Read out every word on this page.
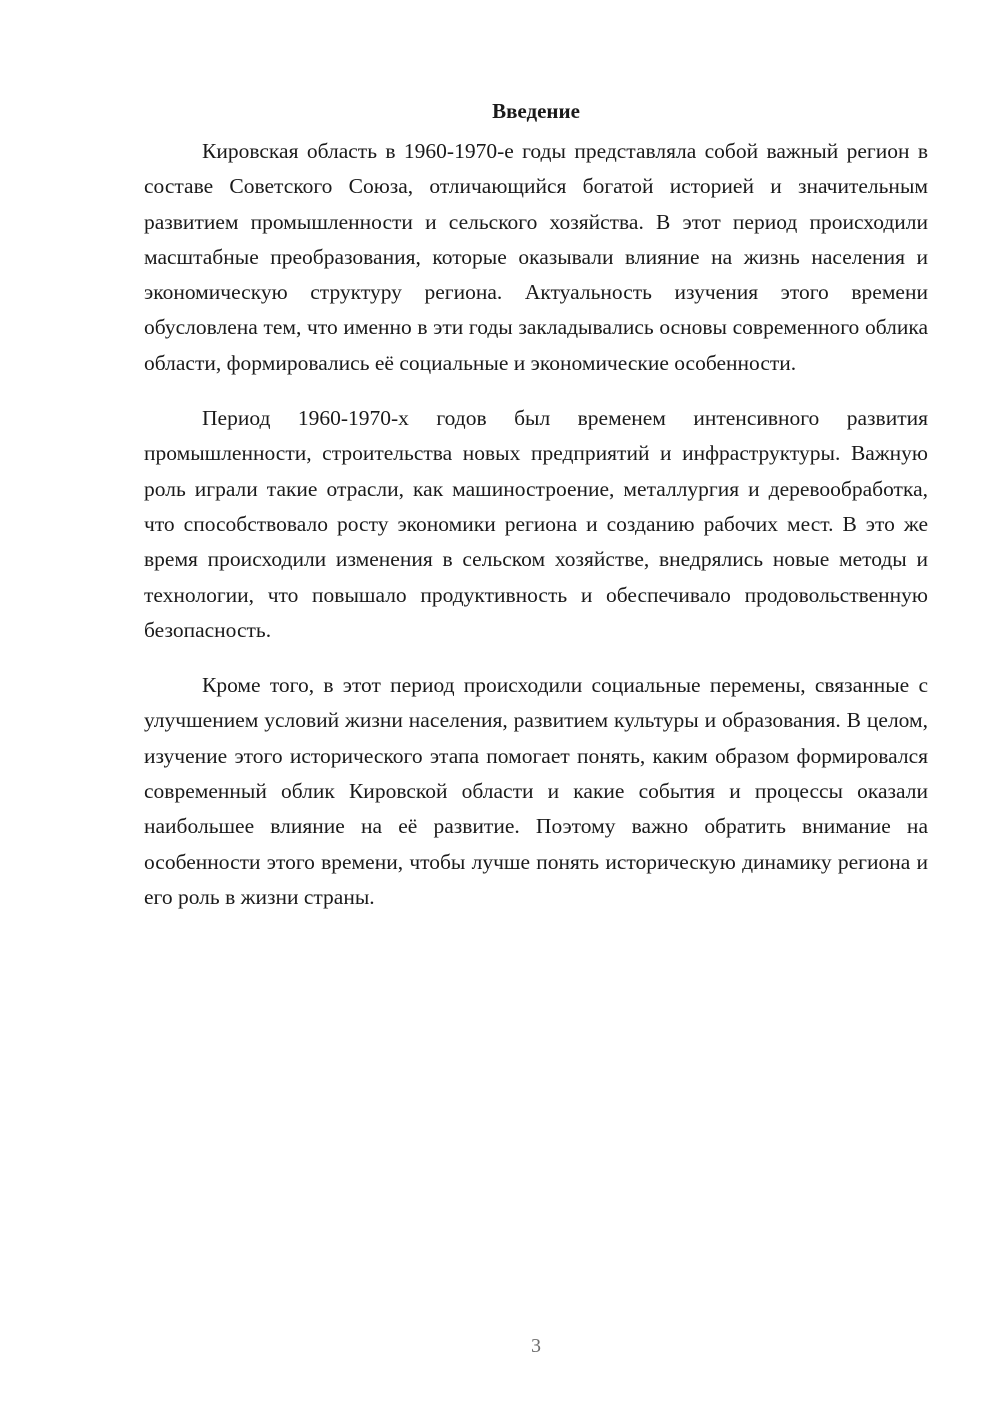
Введение

Кировская область в 1960-1970-е годы представляла собой важный регион в составе Советского Союза, отличающийся богатой историей и значительным развитием промышленности и сельского хозяйства. В этот период происходили масштабные преобразования, которые оказывали влияние на жизнь населения и экономическую структуру региона. Актуальность изучения этого времени обусловлена тем, что именно в эти годы закладывались основы современного облика области, формировались её социальные и экономические особенности.

Период 1960-1970-х годов был временем интенсивного развития промышленности, строительства новых предприятий и инфраструктуры. Важную роль играли такие отрасли, как машиностроение, металлургия и деревообработка, что способствовало росту экономики региона и созданию рабочих мест. В это же время происходили изменения в сельском хозяйстве, внедрялись новые методы и технологии, что повышало продуктивность и обеспечивало продовольственную безопасность.

Кроме того, в этот период происходили социальные перемены, связанные с улучшением условий жизни населения, развитием культуры и образования. В целом, изучение этого исторического этапа помогает понять, каким образом формировался современный облик Кировской области и какие события и процессы оказали наибольшее влияние на её развитие. Поэтому важно обратить внимание на особенности этого времени, чтобы лучше понять историческую динамику региона и его роль в жизни страны.

3
